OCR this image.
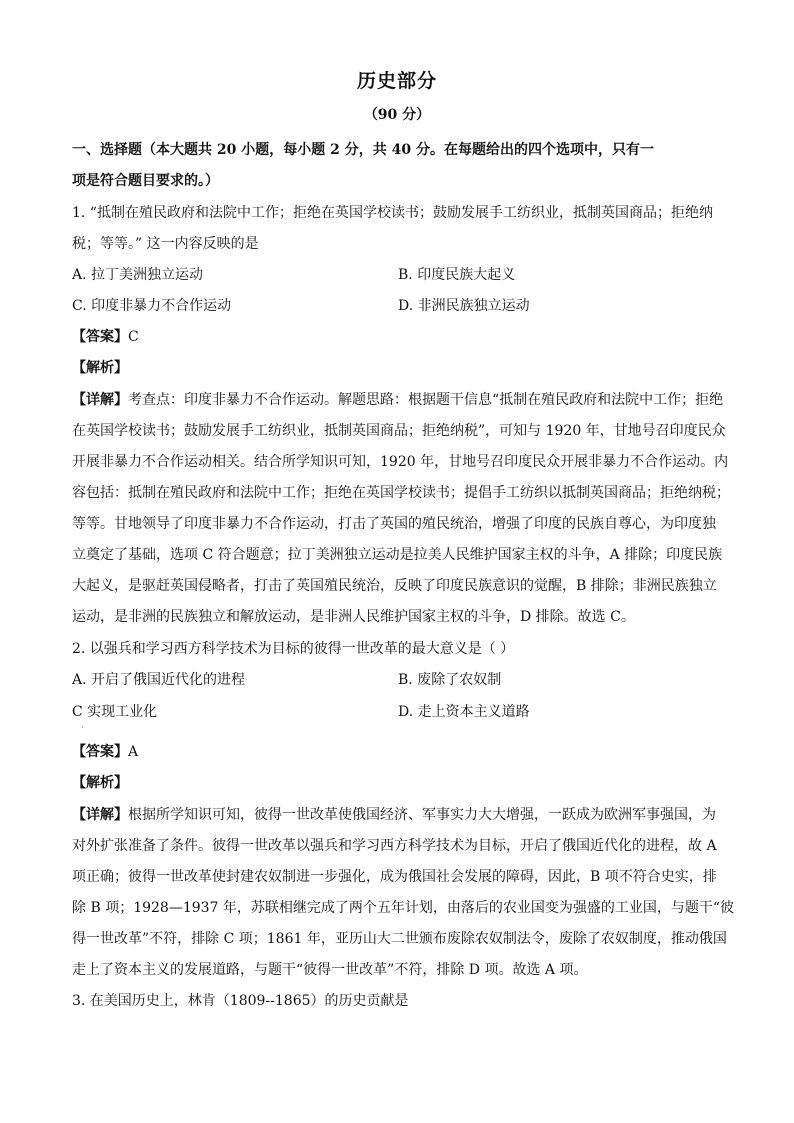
历史部分
（90 分）
一、选择题（本大题共 20 小题，每小题 2 分，共 40 分。在每题给出的四个选项中，只有一
项是符合题目要求的。）
1. “抵制在殖民政府和法院中工作；拒绝在英国学校读书；鼓励发展手工纺织业，抵制英国商品；拒绝纳
税；等等。” 这一内容反映的是
A. 拉丁美洲独立运动	B. 印度民族大起义
C. 印度非暴力不合作运动	D. 非洲民族独立运动
【答案】C
【解析】
【详解】考查点：印度非暴力不合作运动。解题思路：根据题干信息“抵制在殖民政府和法院中工作；拒绝
在英国学校读书；鼓励发展手工纺织业，抵制英国商品；拒绝纳税”，可知与 1920 年，甘地号召印度民众
开展非暴力不合作运动相关。结合所学知识可知，1920 年，甘地号召印度民众开展非暴力不合作运动。内
容包括：抵制在殖民政府和法院中工作；拒绝在英国学校读书；提倡手工纺织以抵制英国商品；拒绝纳税；
等等。甘地领导了印度非暴力不合作运动，打击了英国的殖民统治，增强了印度的民族自尊心，为印度独
立奠定了基础，选项 C 符合题意；拉丁美洲独立运动是拉美人民维护国家主权的斗争，A 排除；印度民族
大起义，是驱赶英国侵略者，打击了英国殖民统治，反映了印度民族意识的觉醒，B 排除；非洲民族独立
运动，是非洲的民族独立和解放运动，是非洲人民维护国家主权的斗争，D 排除。故选 C。
2. 以强兵和学习西方科学技术为目标的彼得一世改革的最大意义是（ ）
A. 开启了俄国近代化的进程	B. 废除了农奴制
C 实现工业化	D. 走上资本主义道路
·
【答案】A
【解析】
【详解】根据所学知识可知，彼得一世改革使俄国经济、军事实力大大增强，一跃成为欧洲军事强国，为
对外扩张准备了条件。彼得一世改革以强兵和学习西方科学技术为目标，开启了俄国近代化的进程，故 A
项正确；彼得一世改革使封建农奴制进一步强化，成为俄国社会发展的障碍，因此，B 项不符合史实，排
除 B 项；1928—1937 年，苏联相继完成了两个五年计划，由落后的农业国变为强盛的工业国，与题干“彼
得一世改革”不符，排除 C 项；1861 年，亚历山大二世颁布废除农奴制法令，废除了农奴制度，推动俄国
走上了资本主义的发展道路，与题干“彼得一世改革”不符，排除 D 项。故选 A 项。
3. 在美国历史上，林肯（1809--1865）的历史贡献是
